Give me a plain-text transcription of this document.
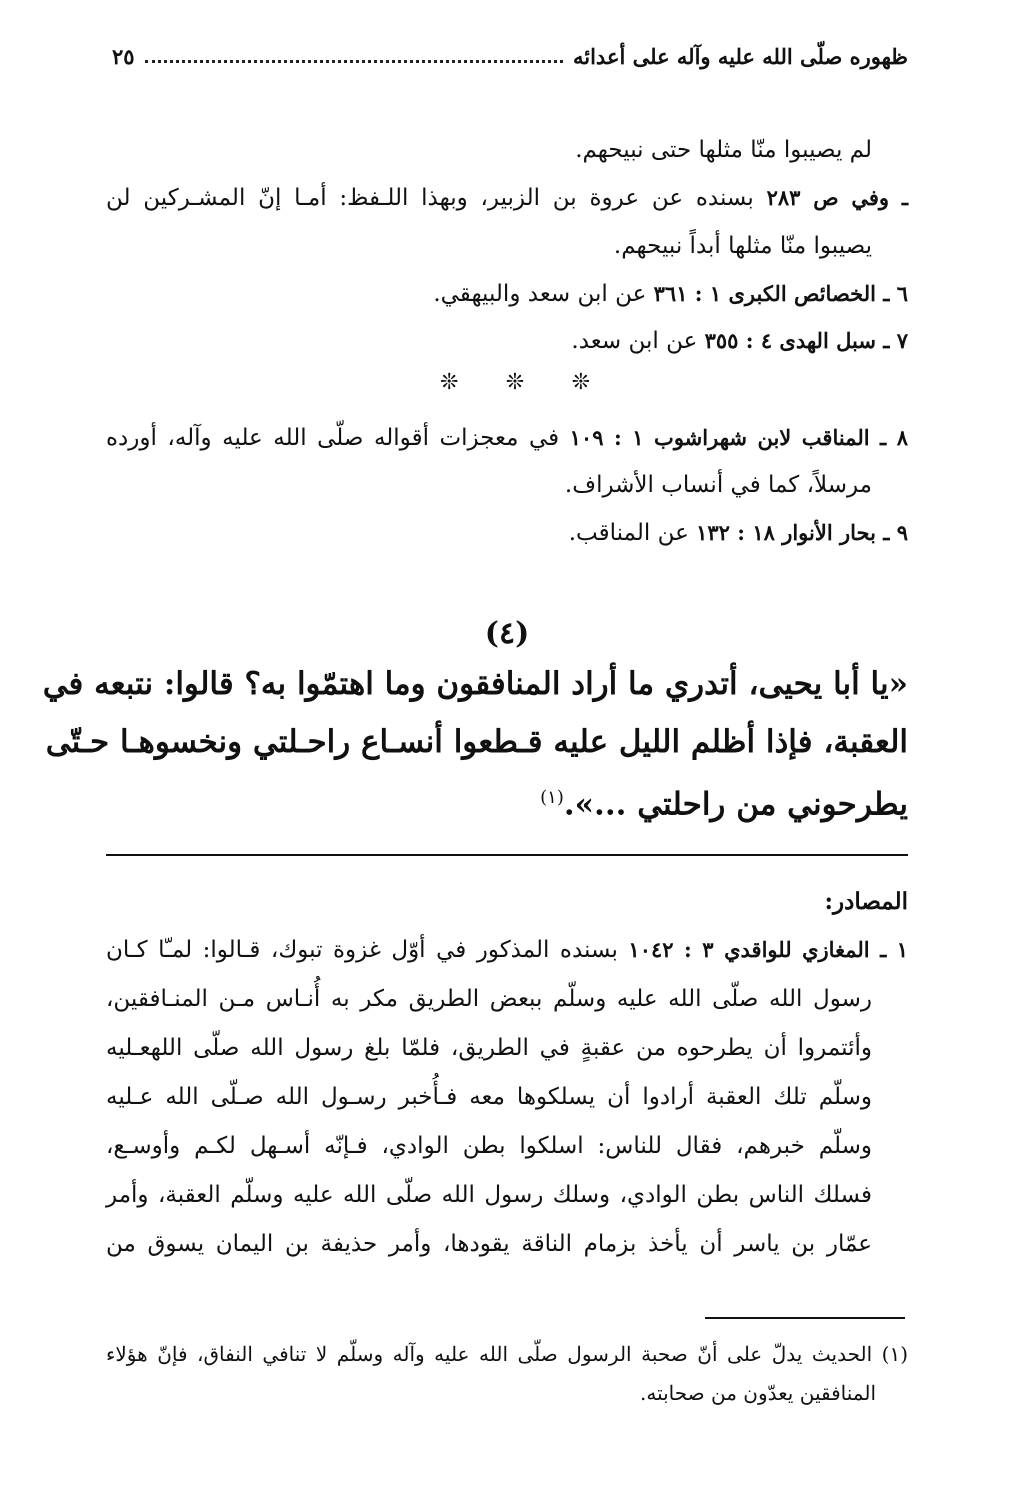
ظهوره صلّى الله عليه وآله على أعدائه
٢٥
لم يصيبوا منّا مثلها حتى نبيحهم.
ـ وفي ص ٢٨٣ بسنده عن عروة بن الزبير، وبهذا اللـفظ: أمـا إنّ المشـركين لن
يصيبوا منّا مثلها أبداً نبيحهم.
٦ ـ الخصائص الكبرى ١ : ٣٦١ عن ابن سعد والبيهقي.
٧ ـ سبل الهدى ٤ : ٣٥٥ عن ابن سعد.
٨ ـ المناقب لابن شهراشوب ١ : ١٠٩ في معجزات أقواله صلّى الله عليه وآله، أورده
مرسلاً، كما في أنساب الأشراف.
٩ ـ بحار الأنوار ١٨ : ١٣٢ عن المناقب.
❊
❊
❊
(٤)
«يا أبا يحيى، أتدري ما أراد المنافقون وما اهتمّوا به؟ قالوا: نتبعه في
العقبة، فإذا أظلم الليل عليه قـطعوا أنسـاع راحـلتي ونخسوهـا حـتّى
يطرحوني من راحلتي ...».$^{(١)}$
المصادر:
١ ـ المغازي للواقدي ٣ : ١٠٤٢ بسنده المذكور في أوّل غزوة تبوك، قـالوا: لمـّا كـان
رسول الله صلّى الله عليه وسلّم ببعض الطريق مكر به أُنـاس مـن المنـافقين،
وأئتمروا أن يطرحوه من عقبةٍ في الطريق، فلمّا بلغ رسول الله صلّى اللهعـليه
وسلّم تلك العقبة أرادوا أن يسلكوها معه فـأُخبر رسـول الله صـلّى الله عـليه
وسلّم خبرهم، فقال للناس: اسلكوا بطن الوادي، فـإنّه أسـهل لكـم وأوسـع،
فسلك الناس بطن الوادي، وسلك رسول الله صلّى الله عليه وسلّم العقبة، وأمر
عمّار بن ياسر أن يأخذ بزمام الناقة يقودها، وأمر حذيفة بن اليمان يسوق من
(١) الحديث يدلّ على أنّ صحبة الرسول صلّى الله عليه وآله وسلّم لا تنافي النفاق، فإنّ هؤلاء
المنافقين يعدّون من صحابته.
